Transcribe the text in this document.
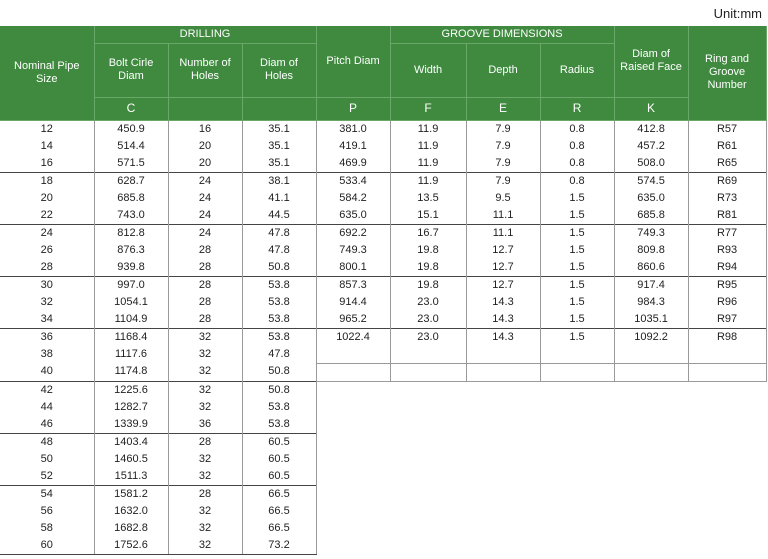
Unit:mm
Nominal Pipe Size	DRILLING			Pitch Diam	GROOVE DIMENSIONS			Diam of Raised Face	Ring and Groove Number
	Bolt Cirle Diam	Number of Holes	Diam of Holes		Width	Depth	Radius		
	C			P	F	E	R	K	
12	450.9	16	35.1	381.0	11.9	7.9	0.8	412.8	R57
14	514.4	20	35.1	419.1	11.9	7.9	0.8	457.2	R61
16	571.5	20	35.1	469.9	11.9	7.9	0.8	508.0	R65
18	628.7	24	38.1	533.4	11.9	7.9	0.8	574.5	R69
20	685.8	24	41.1	584.2	13.5	9.5	1.5	635.0	R73
22	743.0	24	44.5	635.0	15.1	11.1	1.5	685.8	R81
24	812.8	24	47.8	692.2	16.7	11.1	1.5	749.3	R77
26	876.3	28	47.8	749.3	19.8	12.7	1.5	809.8	R93
28	939.8	28	50.8	800.1	19.8	12.7	1.5	860.6	R94
30	997.0	28	53.8	857.3	19.8	12.7	1.5	917.4	R95
32	1054.1	28	53.8	914.4	23.0	14.3	1.5	984.3	R96
34	1104.9	28	53.8	965.2	23.0	14.3	1.5	1035.1	R97
36	1168.4	32	53.8	1022.4	23.0	14.3	1.5	1092.2	R98
38	1117.6	32	47.8						
40	1174.8	32	50.8						
42	1225.6	32	50.8						
44	1282.7	32	53.8						
46	1339.9	36	53.8						
48	1403.4	28	60.5						
50	1460.5	32	60.5						
52	1511.3	32	60.5						
54	1581.2	28	66.5						
56	1632.0	32	66.5						
58	1682.8	32	66.5						
60	1752.6	32	73.2						
